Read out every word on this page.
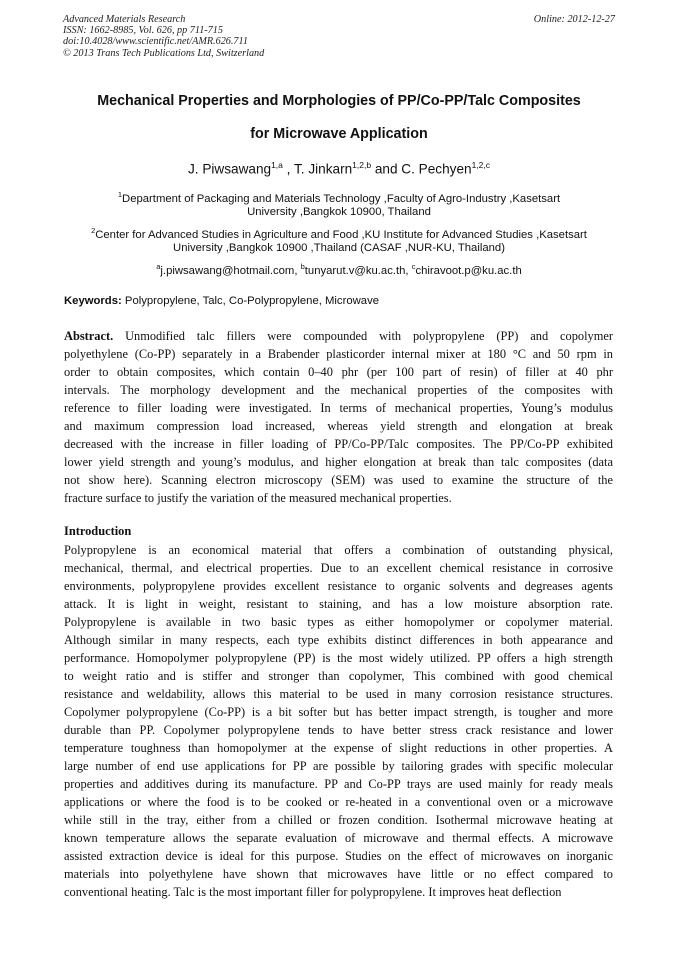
Advanced Materials Research
ISSN: 1662-8985, Vol. 626, pp 711-715
doi:10.4028/www.scientific.net/AMR.626.711
© 2013 Trans Tech Publications Ltd, Switzerland
Online: 2012-12-27
Mechanical Properties and Morphologies of PP/Co-PP/Talc Composites
for Microwave Application
J. Piwsawang$^{1,a}$ , T. Jinkarn$^{1,2,b}$ and C. Pechyen$^{1,2,c}$
$^1$Department of Packaging and Materials Technology ,Faculty of Agro-Industry ,Kasetsart
University ,Bangkok 10900, Thailand
$^2$Center for Advanced Studies in Agriculture and Food ,KU Institute for Advanced Studies ,Kasetsart
University ,Bangkok 10900 ,Thailand (CASAF ,NUR-KU, Thailand)
$^a$j.piwsawang@hotmail.com, $^b$tunyarut.v@ku.ac.th, $^c$chiravoot.p@ku.ac.th
Keywords: Polypropylene, Talc, Co-Polypropylene, Microwave
Abstract. Unmodified talc fillers were compounded with polypropylene (PP) and copolymer
polyethylene (Co-PP) separately in a Brabender plasticorder internal mixer at 180 °C and 50 rpm in
order to obtain composites, which contain 0–40 phr (per 100 part of resin) of filler at 40 phr
intervals. The morphology development and the mechanical properties of the composites with
reference to filler loading were investigated. In terms of mechanical properties, Young’s modulus
and maximum compression load increased, whereas yield strength and elongation at break
decreased with the increase in filler loading of PP/Co-PP/Talc composites. The PP/Co-PP exhibited
lower yield strength and young’s modulus, and higher elongation at break than talc composites (data
not show here). Scanning electron microscopy (SEM) was used to examine the structure of the
fracture surface to justify the variation of the measured mechanical properties.
Introduction
Polypropylene is an economical material that offers a combination of outstanding physical,
mechanical, thermal, and electrical properties. Due to an excellent chemical resistance in corrosive
environments, polypropylene provides excellent resistance to organic solvents and degreases agents
attack. It is light in weight, resistant to staining, and has a low moisture absorption rate.
Polypropylene is available in two basic types as either homopolymer or copolymer material.
Although similar in many respects, each type exhibits distinct differences in both appearance and
performance. Homopolymer polypropylene (PP) is the most widely utilized. PP offers a high strength
to weight ratio and is stiffer and stronger than copolymer, This combined with good chemical
resistance and weldability, allows this material to be used in many corrosion resistance structures.
Copolymer polypropylene (Co-PP) is a bit softer but has better impact strength, is tougher and more
durable than PP. Copolymer polypropylene tends to have better stress crack resistance and lower
temperature toughness than homopolymer at the expense of slight reductions in other properties. A
large number of end use applications for PP are possible by tailoring grades with specific molecular
properties and additives during its manufacture. PP and Co-PP trays are used mainly for ready meals
applications or where the food is to be cooked or re-heated in a conventional oven or a microwave
while still in the tray, either from a chilled or frozen condition. Isothermal microwave heating at
known temperature allows the separate evaluation of microwave and thermal effects. A microwave
assisted extraction device is ideal for this purpose. Studies on the effect of microwaves on inorganic
materials into polyethylene have shown that microwaves have little or no effect compared to
conventional heating. Talc is the most important filler for polypropylene. It improves heat deflection
